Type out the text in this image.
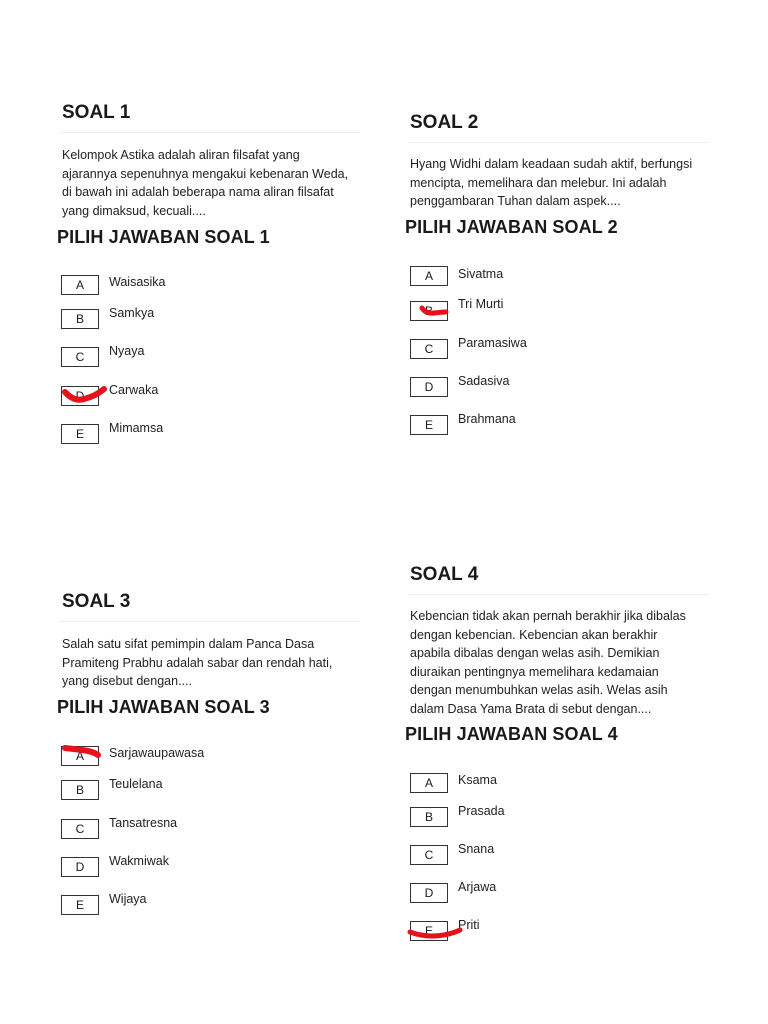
SOAL 1
Kelompok Astika adalah aliran filsafat yang
ajarannya sepenuhnya mengakui kebenaran Weda,
di bawah ini adalah beberapa nama aliran filsafat
yang dimaksud, kecuali....
PILIH JAWABAN SOAL 1
A	Waisasika
B	Samkya
C	Nyaya
D	Carwaka
E	Mimamsa
SOAL 2
Hyang Widhi dalam keadaan sudah aktif, berfungsi
mencipta, memelihara dan melebur. Ini adalah
penggambaran Tuhan dalam aspek....
PILIH JAWABAN SOAL 2
A	Sivatma
B	Tri Murti
C	Paramasiwa
D	Sadasiva
E	Brahmana
SOAL 3
Salah satu sifat pemimpin dalam Panca Dasa
Pramiteng Prabhu adalah sabar dan rendah hati,
yang disebut dengan....
PILIH JAWABAN SOAL 3
A	Sarjawaupawasa
B	Teulelana
C	Tansatresna
D	Wakmiwak
E	Wijaya
SOAL 4
Kebencian tidak akan pernah berakhir jika dibalas
dengan kebencian. Kebencian akan berakhir
apabila dibalas dengan welas asih. Demikian
diuraikan pentingnya memelihara kedamaian
dengan menumbuhkan welas asih. Welas asih
dalam Dasa Yama Brata di sebut dengan....
PILIH JAWABAN SOAL 4
A	Ksama
B	Prasada
C	Snana
D	Arjawa
E	Priti
